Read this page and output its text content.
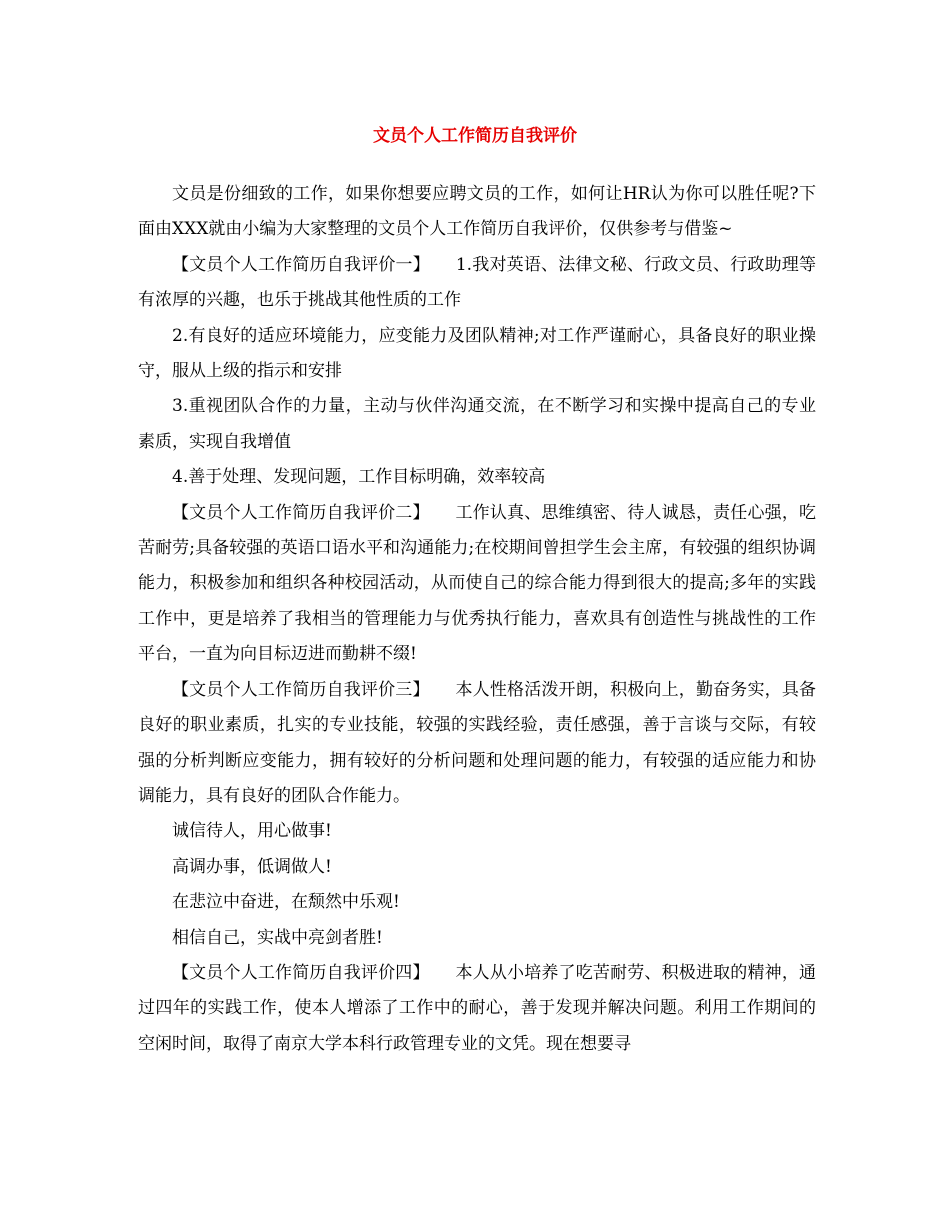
文员个人工作简历自我评价

文员是份细致的工作，如果你想要应聘文员的工作，如何让HR认为你可以胜任呢?下面由XXX就由小编为大家整理的文员个人工作简历自我评价，仅供参考与借鉴~

【文员个人工作简历自我评价一】　　1.我对英语、法律文秘、行政文员、行政助理等有浓厚的兴趣，也乐于挑战其他性质的工作

2.有良好的适应环境能力，应变能力及团队精神;对工作严谨耐心，具备良好的职业操守，服从上级的指示和安排

3.重视团队合作的力量，主动与伙伴沟通交流，在不断学习和实操中提高自己的专业素质，实现自我增值

4.善于处理、发现问题，工作目标明确，效率较高

【文员个人工作简历自我评价二】　　工作认真、思维缜密、待人诚恳，责任心强，吃苦耐劳;具备较强的英语口语水平和沟通能力;在校期间曾担学生会主席，有较强的组织协调能力，积极参加和组织各种校园活动，从而使自己的综合能力得到很大的提高;多年的实践工作中，更是培养了我相当的管理能力与优秀执行能力，喜欢具有创造性与挑战性的工作平台，一直为向目标迈进而勤耕不缀!

【文员个人工作简历自我评价三】　　本人性格活泼开朗，积极向上，勤奋务实，具备良好的职业素质，扎实的专业技能，较强的实践经验，责任感强，善于言谈与交际，有较强的分析判断应变能力，拥有较好的分析问题和处理问题的能力，有较强的适应能力和协调能力，具有良好的团队合作能力。

诚信待人，用心做事!

高调办事，低调做人!

在悲泣中奋进，在颓然中乐观!

相信自己，实战中亮剑者胜!

【文员个人工作简历自我评价四】　　本人从小培养了吃苦耐劳、积极进取的精神，通过四年的实践工作，使本人增添了工作中的耐心，善于发现并解决问题。利用工作期间的空闲时间，取得了南京大学本科行政管理专业的文凭。现在想要寻
